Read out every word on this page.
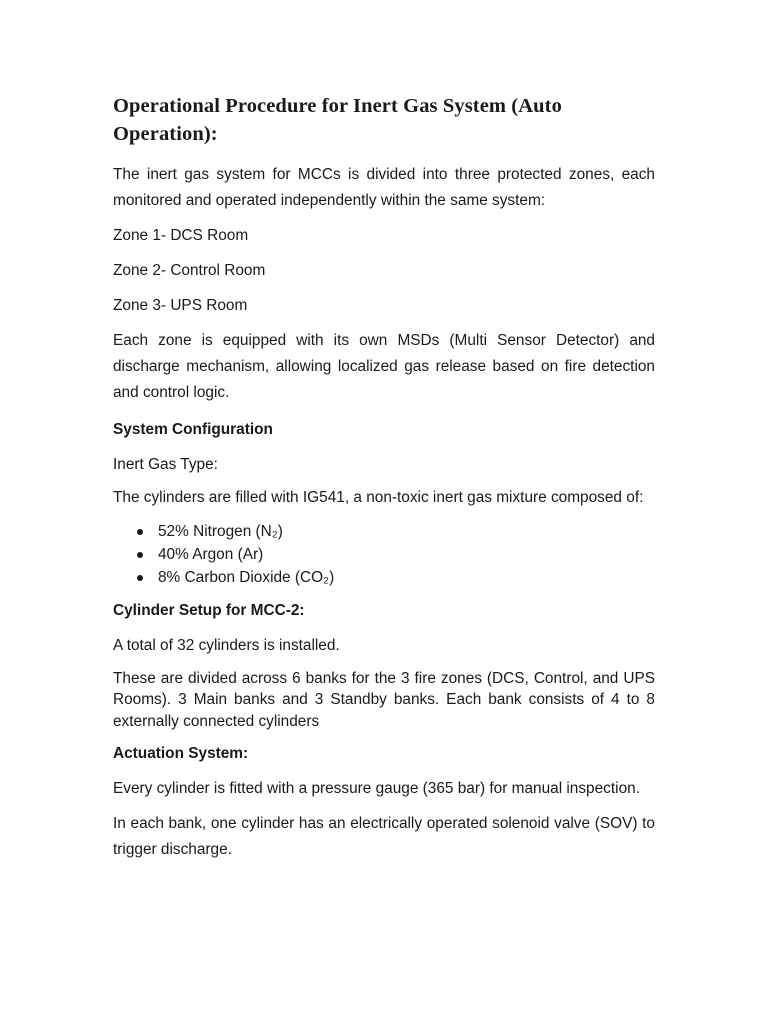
Operational Procedure for Inert Gas System (Auto Operation):

The inert gas system for MCCs is divided into three protected zones, each monitored and operated independently within the same system:

Zone 1- DCS Room

Zone 2- Control Room

Zone 3- UPS Room

Each zone is equipped with its own MSDs (Multi Sensor Detector) and discharge mechanism, allowing localized gas release based on fire detection and control logic.

System Configuration

Inert Gas Type:

The cylinders are filled with IG541, a non-toxic inert gas mixture composed of:

52% Nitrogen (N₂)
40% Argon (Ar)
8% Carbon Dioxide (CO₂)
Cylinder Setup for MCC-2:

A total of 32 cylinders is installed.

These are divided across 6 banks for the 3 fire zones (DCS, Control, and UPS Rooms). 3 Main banks and 3 Standby banks. Each bank consists of 4 to 8 externally connected cylinders

Actuation System:

Every cylinder is fitted with a pressure gauge (365 bar) for manual inspection.

In each bank, one cylinder has an electrically operated solenoid valve (SOV) to trigger discharge.
